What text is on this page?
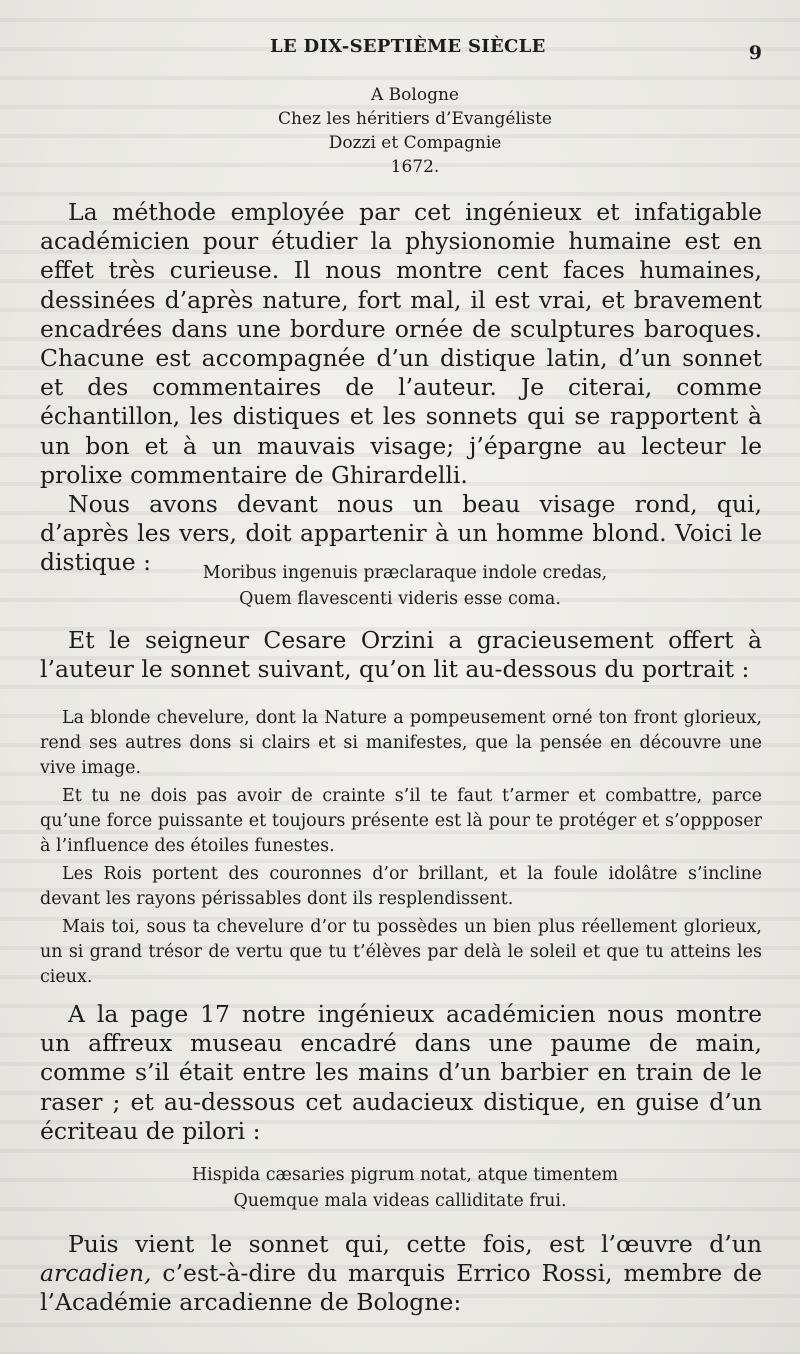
LE DIX-SEPTIÈME SIÈCLE	9
A Bologne
Chez les héritiers d’Evangéliste
Dozzi et Compagnie
1672.

La méthode employée par cet ingénieux et infatigable académicien pour étudier la physionomie humaine est en effet très curieuse. Il nous montre cent faces humaines, dessinées d’après nature, fort mal, il est vrai, et bravement encadrées dans une bordure ornée de sculptures baroques. Chacune est accompagnée d’un distique latin, d’un sonnet et des commentaires de l’auteur. Je citerai, comme échantillon, les distiques et les sonnets qui se rapportent à un bon et à un mauvais visage; j’épargne au lecteur le prolixe commentaire de Ghirardelli.

Nous avons devant nous un beau visage rond, qui, d’après les vers, doit appartenir à un homme blond. Voici le distique :	Moribus ingenuis præclaraque indole credas,
Quem flavescenti videris esse coma.

Et le seigneur Cesare Orzini a gracieusement offert à l’auteur le sonnet suivant, qu’on lit au-dessous du portrait :

La blonde chevelure, dont la Nature a pompeusement orné ton front glorieux, rend ses autres dons si clairs et si manifestes, que la pensée en découvre une vive image.

Et tu ne dois pas avoir de crainte s’il te faut t’armer et combattre, parce qu’une force puissante et toujours présente est là pour te protéger et s’oppposer à l’influence des étoiles funestes.

Les Rois portent des couronnes d’or brillant, et la foule idolâtre s’incline devant les rayons périssables dont ils resplendissent.

Mais toi, sous ta chevelure d’or tu possèdes un bien plus réellement glorieux, un si grand trésor de vertu que tu t’élèves par delà le soleil et que tu atteins les cieux.

A la page 17 notre ingénieux académicien nous montre un affreux museau encadré dans une paume de main, comme s’il était entre les mains d’un barbier en train de le raser ; et au-dessous cet audacieux distique, en guise d’un écriteau de pilori :

Hispida cæsaries pigrum notat, atque timentem
Quemque mala videas calliditate frui.

Puis vient le sonnet qui, cette fois, est l’œuvre d’un arcadien, c’est-à-dire du marquis Errico Rossi, membre de l’Académie arcadienne de Bologne:
